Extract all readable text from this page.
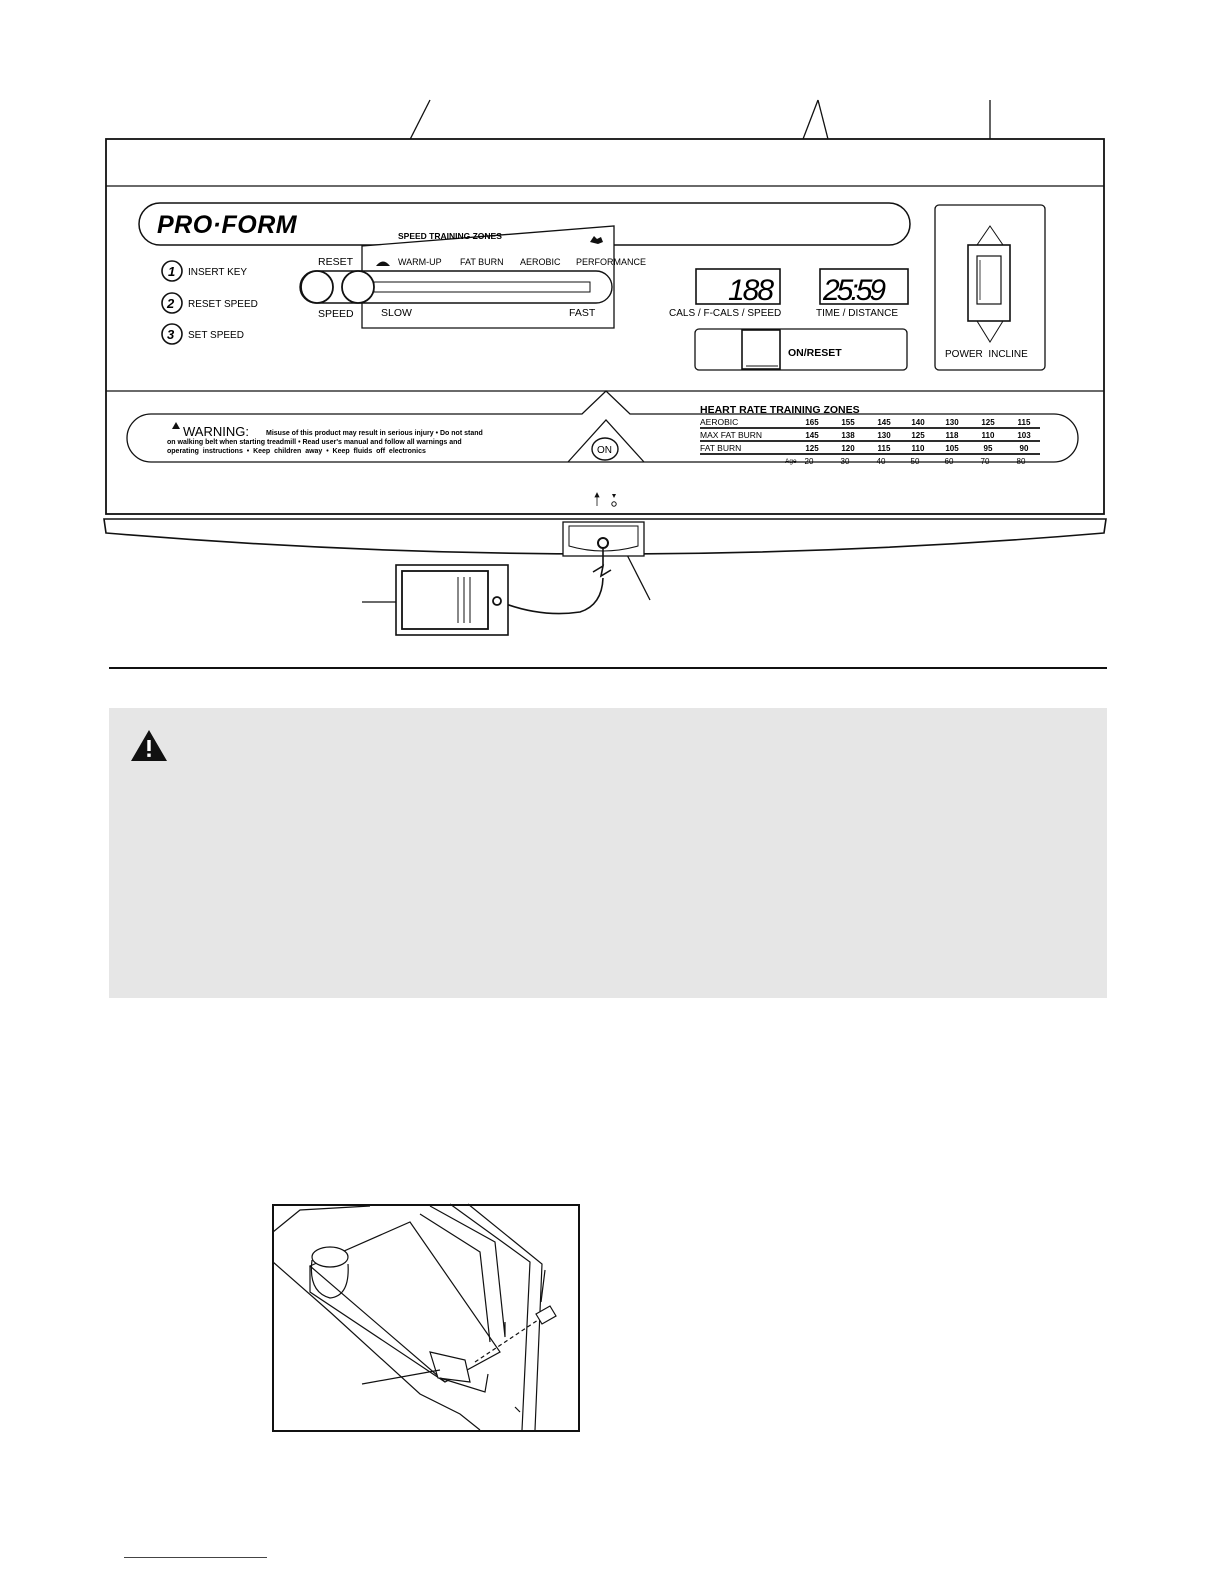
PRO·FORM
1 INSERT KEY
2 RESET SPEED
3 SET SPEED
SPEED TRAINING ZONES
WARM-UP FAT BURN AEROBIC PERFORMANCE
RESET
SPEED	SLOW	FAST
188
CALS / F-CALS / SPEED
25:59
TIME / DISTANCE
ON/RESET	POWER  INCLINE
WARNING: Misuse of this product may result in serious injury • Do not stand
on walking belt when starting treadmill • Read user's manual and follow all warnings and
operating  instructions  •  Keep  children  away  •  Keep  fluids  off  electronics	ON
HEART RATE TRAINING ZONES
AEROBIC	165	155	145	140	130	125	115
MAX FAT BURN	145	138	130	125	118	110	103
FAT BURN	125	120	115	110	105	95	90
Age 20	30	40	50	60	70	80
